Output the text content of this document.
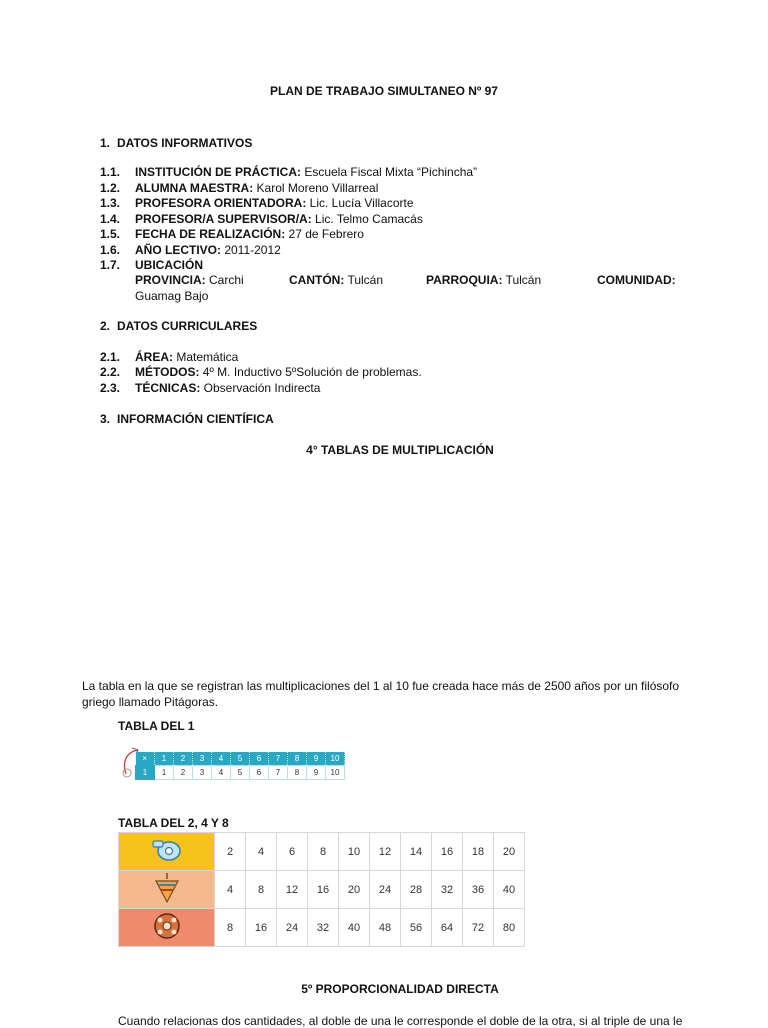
PLAN DE TRABAJO SIMULTANEO Nº 97
1. DATOS INFORMATIVOS
1.1. INSTITUCIÓN DE PRÁCTICA: Escuela Fiscal Mixta “Pichincha”
1.2. ALUMNA MAESTRA: Karol Moreno Villarreal
1.3. PROFESORA ORIENTADORA: Lic. Lucía Villacorte
1.4. PROFESOR/A SUPERVISOR/A: Lic. Telmo Camacás
1.5. FECHA DE REALIZACIÓN: 27 de Febrero
1.6. AÑO LECTIVO: 2011-2012
1.7. UBICACIÓN
PROVINCIA: Carchi	CANTÓN: Tulcán	PARROQUIA: Tulcán	COMUNIDAD:
Guamag Bajo
2. DATOS CURRICULARES
2.1. ÁREA: Matemática
2.2. MÉTODOS: 4º M. Inductivo 5ºSolución de problemas.
2.3. TÉCNICAS: Observación Indirecta
3. INFORMACIÓN CIENTÍFICA
4° TABLAS DE MULTIPLICACIÓN
La tabla en la que se registran las multiplicaciones del 1 al 10 fue creada hace más de 2500 años por un filósofo griego llamado Pitágoras.
TABLA DEL 1
×	1	2	3	4	5	6	7	8	9	10
1	1	2	3	4	5	6	7	8	9	10
TABLA DEL 2, 4 Y 8
	2	4	6	8	10	12	14	16	18	20
	4	8	12	16	20	24	28	32	36	40
	8	16	24	32	40	48	56	64	72	80
5º PROPORCIONALIDAD DIRECTA
Cuando relacionas dos cantidades, al doble de una le corresponde el doble de la otra, si al triple de una le
